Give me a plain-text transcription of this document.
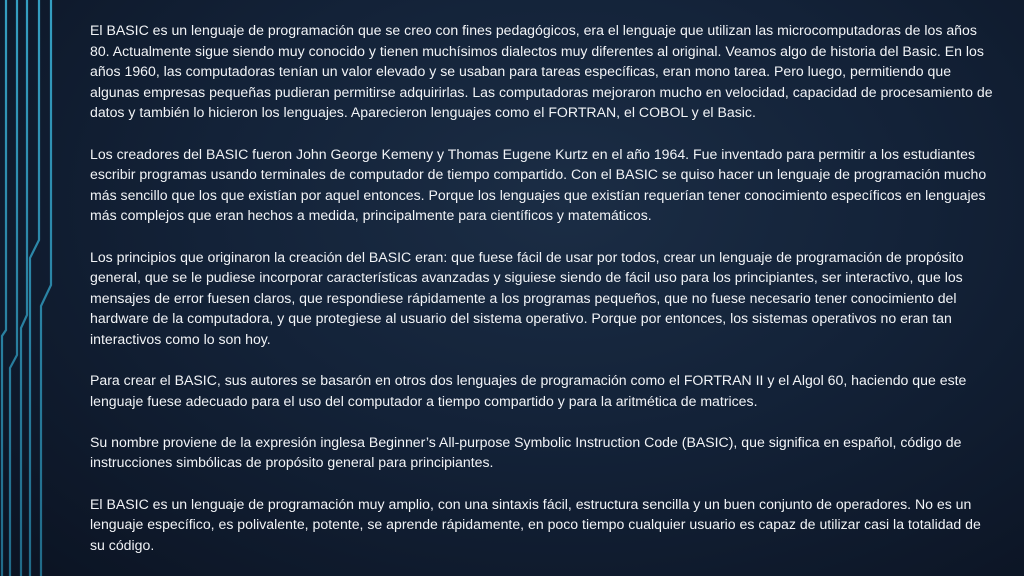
El BASIC es un lenguaje de programación que se creo con fines pedagógicos, era el lenguaje que utilizan las microcomputadoras de los años 80. Actualmente sigue siendo muy conocido y tienen muchísimos dialectos muy diferentes al original. Veamos algo de historia del Basic. En los años 1960, las computadoras tenían un valor elevado y se usaban para tareas específicas, eran mono tarea. Pero luego, permitiendo que algunas empresas pequeñas pudieran permitirse adquirirlas. Las computadoras mejoraron mucho en velocidad, capacidad de procesamiento de datos y también lo hicieron los lenguajes. Aparecieron lenguajes como el FORTRAN, el COBOL y el Basic.

Los creadores del BASIC fueron John George Kemeny y Thomas Eugene Kurtz en el año 1964. Fue inventado para permitir a los estudiantes escribir programas usando terminales de computador de tiempo compartido. Con el BASIC se quiso hacer un lenguaje de programación mucho más sencillo que los que existían por aquel entonces. Porque los lenguajes que existían requerían tener conocimiento específicos en lenguajes más complejos que eran hechos a medida, principalmente para científicos y matemáticos.

Los principios que originaron la creación del BASIC eran: que fuese fácil de usar por todos, crear un lenguaje de programación de propósito general, que se le pudiese incorporar características avanzadas y siguiese siendo de fácil uso para los principiantes, ser interactivo, que los mensajes de error fuesen claros, que respondiese rápidamente a los programas pequeños, que no fuese necesario tener conocimiento del hardware de la computadora, y que protegiese al usuario del sistema operativo. Porque por entonces, los sistemas operativos no eran tan interactivos como lo son hoy.

Para crear el BASIC, sus autores se basarón en otros dos lenguajes de programación como el FORTRAN II y el Algol 60, haciendo que este lenguaje fuese adecuado para el uso del computador a tiempo compartido y para la aritmética de matrices.

Su nombre proviene de la expresión inglesa Beginner’s All-purpose Symbolic Instruction Code (BASIC), que significa en español, código de instrucciones simbólicas de propósito general para principiantes.

El BASIC es un lenguaje de programación muy amplio, con una sintaxis fácil, estructura sencilla y un buen conjunto de operadores. No es un lenguaje específico, es polivalente, potente, se aprende rápidamente, en poco tiempo cualquier usuario es capaz de utilizar casi la totalidad de su código.
